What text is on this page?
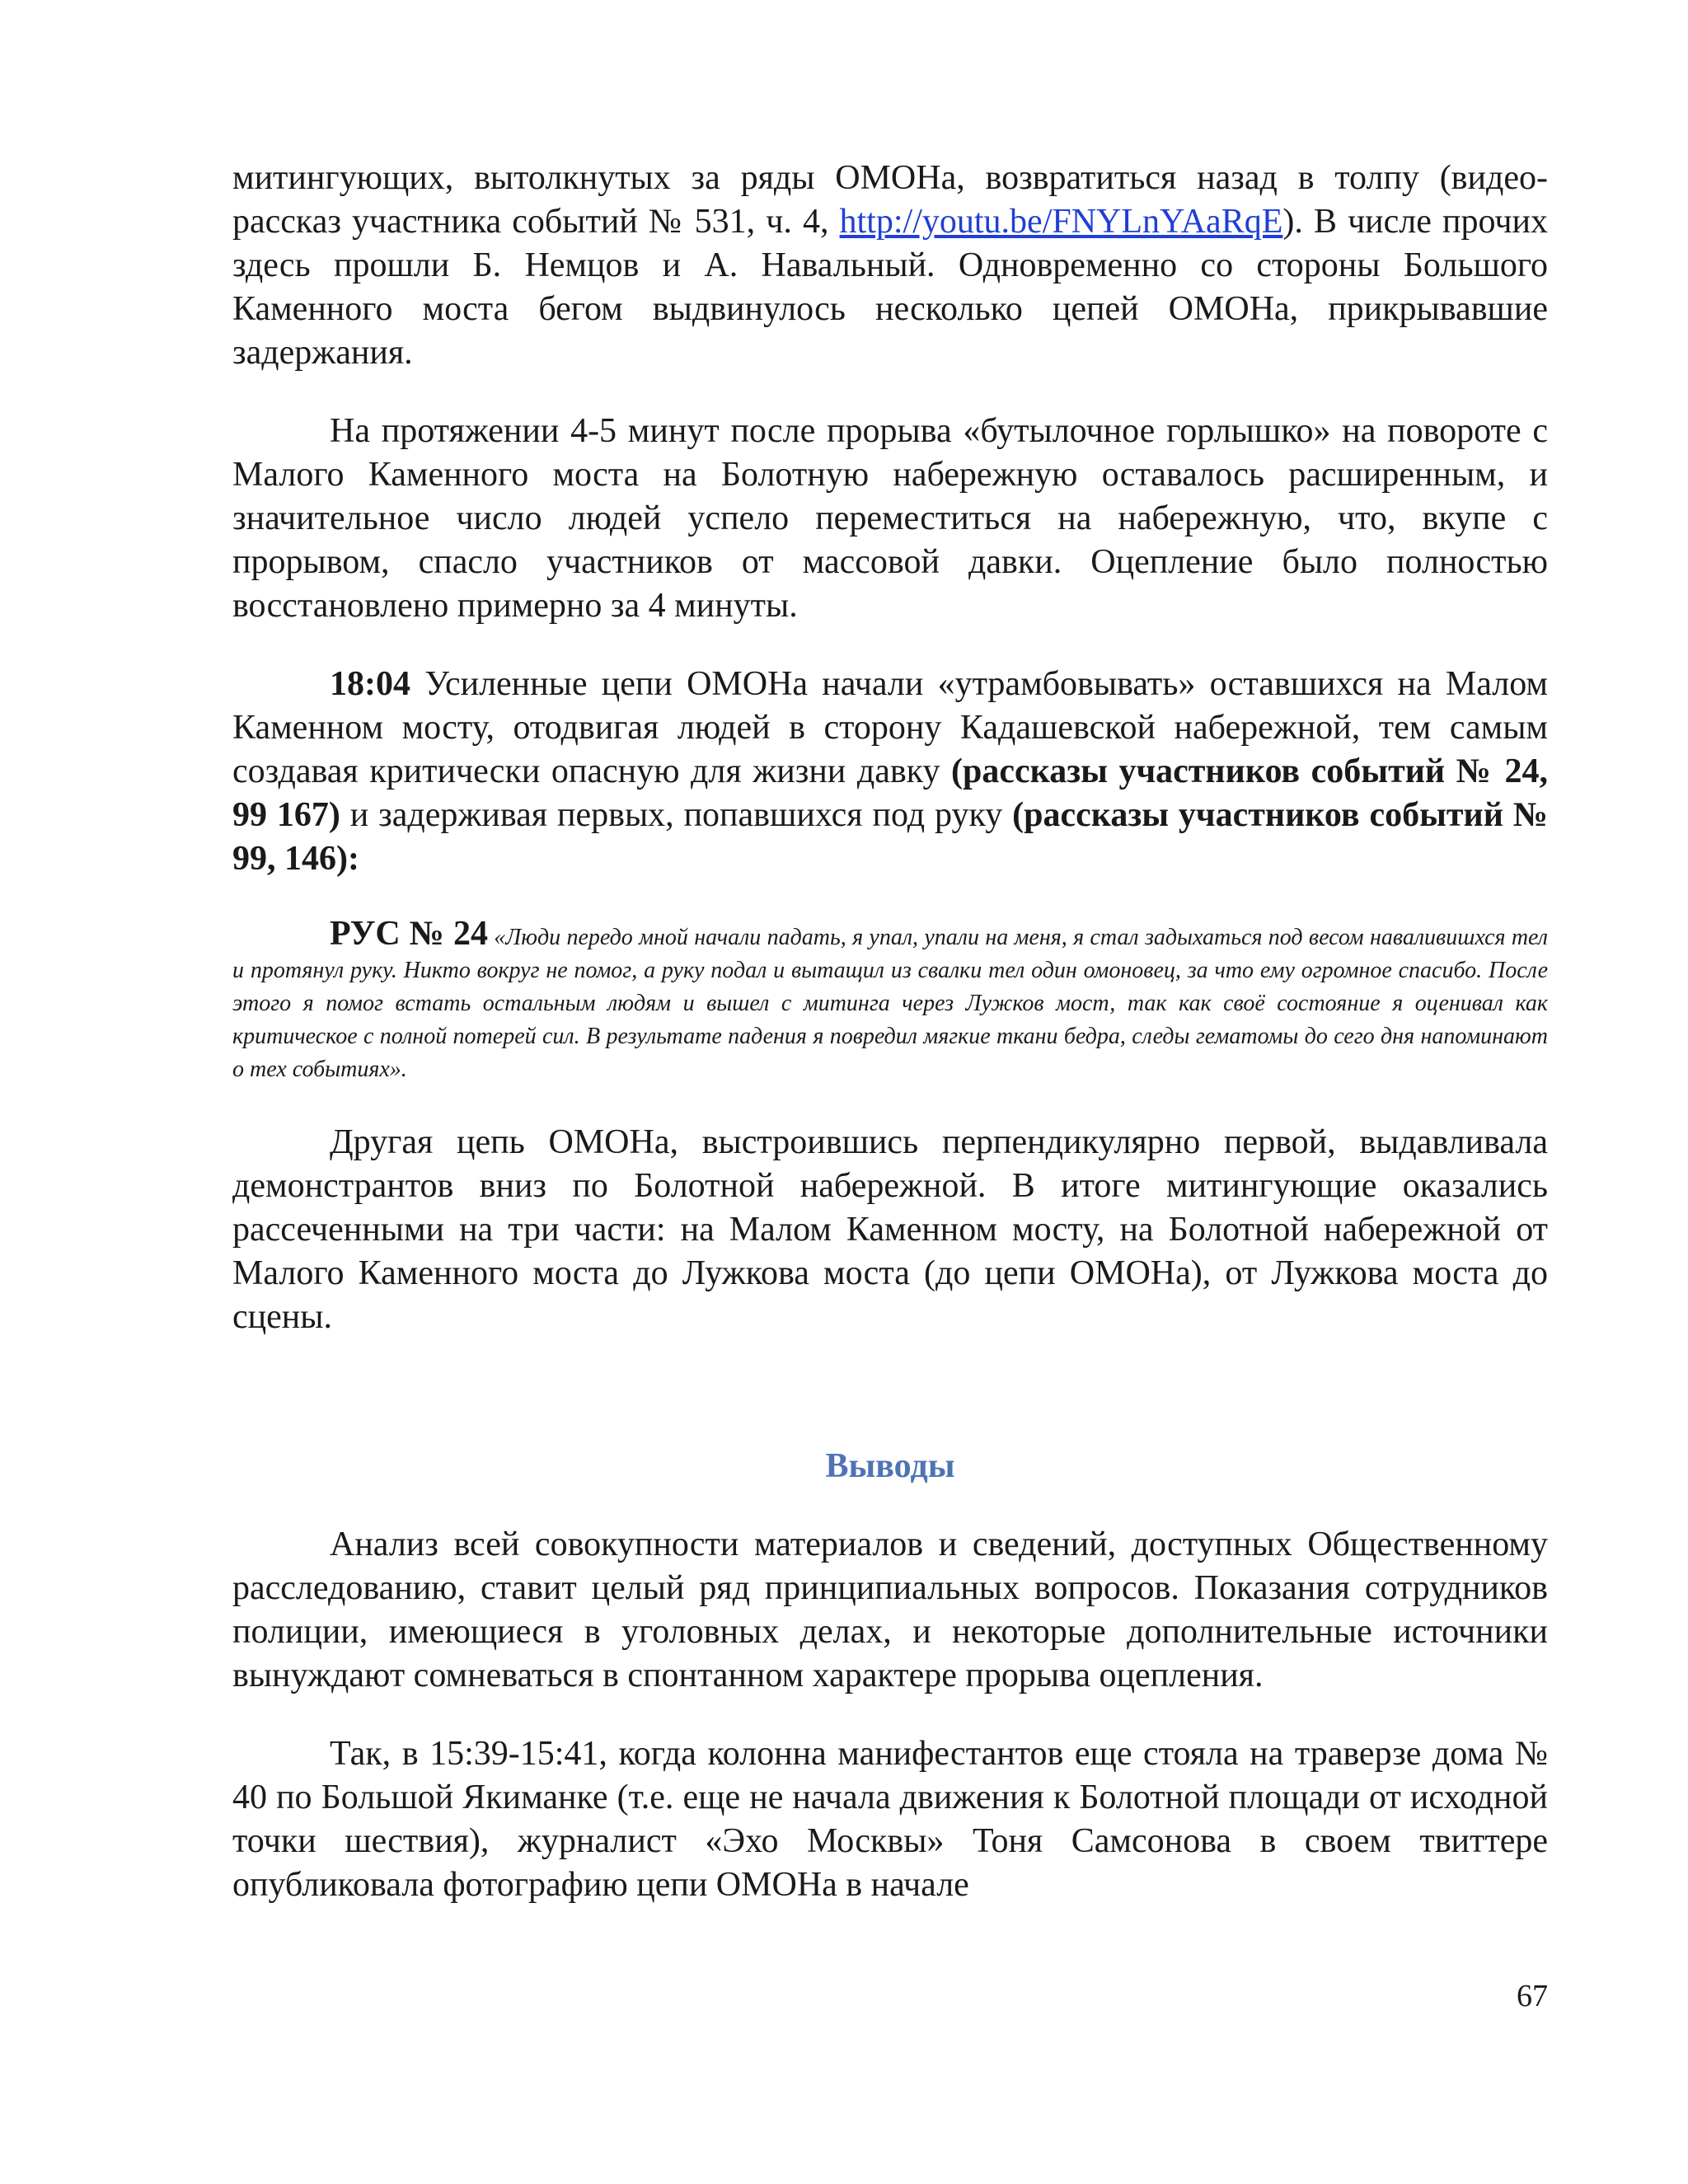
митингующих, вытолкнутых за ряды ОМОНа, возвратиться назад в толпу (видео-рассказ участника событий № 531, ч. 4, http://youtu.be/FNYLnYAaRqE). В числе прочих здесь прошли Б. Немцов и А. Навальный. Одновременно со стороны Большого Каменного моста бегом выдвинулось несколько цепей ОМОНа, прикрывавшие задержания.

На протяжении 4-5 минут после прорыва «бутылочное горлышко» на повороте с Малого Каменного моста на Болотную набережную оставалось расширенным, и значительное число людей успело переместиться на набережную, что, вкупе с прорывом, спасло участников от массовой давки. Оцепление было полностью восстановлено примерно за 4 минуты.

18:04 Усиленные цепи ОМОНа начали «утрамбовывать» оставшихся на Малом Каменном мосту, отодвигая людей в сторону Кадашевской набережной, тем самым создавая критически опасную для жизни давку (рассказы участников событий № 24, 99 167) и задерживая первых, попавшихся под руку (рассказы участников событий № 99, 146):

РУС № 24 «Люди передо мной начали падать, я упал, упали на меня, я стал задыхаться под весом наваливишхся тел и протянул руку. Никто вокруг не помог, а руку подал и вытащил из свалки тел один омоновец, за что ему огромное спасибо. После этого я помог встать остальным людям и вышел с митинга через Лужков мост, так как своё состояние я оценивал как критическое с полной потерей сил. В результате падения я повредил мягкие ткани бедра, следы гематомы до сего дня напоминают о тех событиях».

Другая цепь ОМОНа, выстроившись перпендикулярно первой, выдавливала демонстрантов вниз по Болотной набережной. В итоге митингующие оказались рассеченными на три части: на Малом Каменном мосту, на Болотной набережной от Малого Каменного моста до Лужкова моста (до цепи ОМОНа), от Лужкова моста до сцены.

Выводы

Анализ всей совокупности материалов и сведений, доступных Общественному расследованию, ставит целый ряд принципиальных вопросов. Показания сотрудников полиции, имеющиеся в уголовных делах, и некоторые дополнительные источники вынуждают сомневаться в спонтанном характере прорыва оцепления.

Так, в 15:39-15:41, когда колонна манифестантов еще стояла на траверзе дома № 40 по Большой Якиманке (т.е. еще не начала движения к Болотной площади от исходной точки шествия), журналист «Эхо Москвы» Тоня Самсонова в своем твиттере опубликовала фотографию цепи ОМОНа в начале

67
